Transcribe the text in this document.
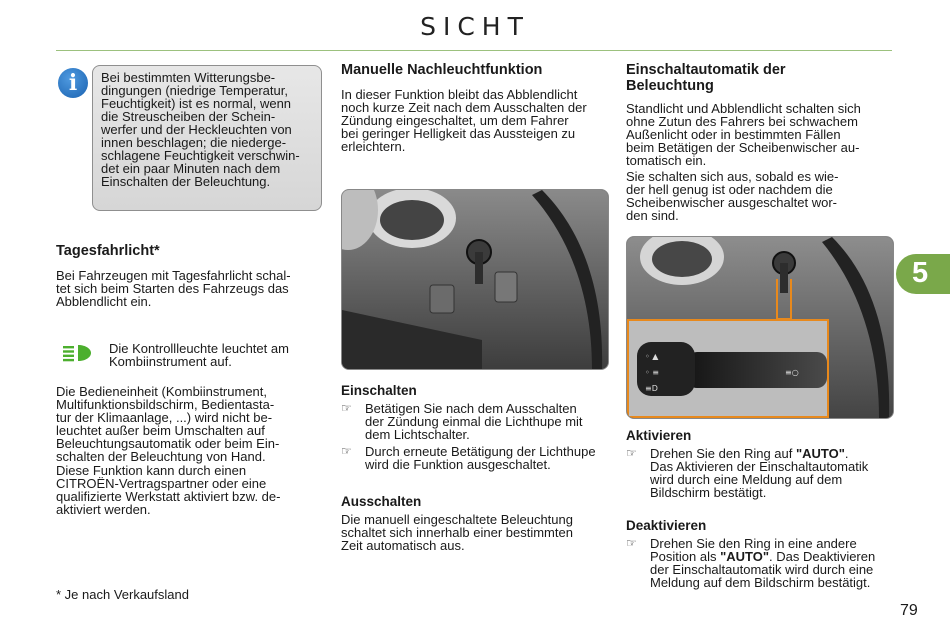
SICHT
i	Bei bestimmten Witterungsbe-
dingungen (niedrige Temperatur,
Feuchtigkeit) ist es normal, wenn
die Streuscheiben der Schein-
werfer und der Heckleuchten von
innen beschlagen; die niederge-
schlagene Feuchtigkeit verschwin-
det ein paar Minuten nach dem
Einschalten der Beleuchtung.
Tagesfahrlicht*
Bei Fahrzeugen mit Tagesfahrlicht schal-
tet sich beim Starten des Fahrzeugs das
Abblendlicht ein.
Die Kontrollleuchte leuchtet am
Kombiinstrument auf.
Die Bedieneinheit (Kombiinstrument,
Multifunktionsbildschirm, Bedientasta-
tur der Klimaanlage, ...) wird nicht be-
leuchtet außer beim Umschalten auf
Beleuchtungsautomatik oder beim Ein-
schalten der Beleuchtung von Hand.
Diese Funktion kann durch einen
CITROËN-Vertragspartner oder eine
qualifizierte Werkstatt aktiviert bzw. de-
aktiviert werden.
* Je nach Verkaufsland
Manuelle Nachleuchtfunktion
In dieser Funktion bleibt das Abblendlicht
noch kurze Zeit nach dem Ausschalten der
Zündung eingeschaltet, um dem Fahrer
bei geringer Helligkeit das Aussteigen zu
erleichtern.
Einschalten
☞ Betätigen Sie nach dem Ausschalten
der Zündung einmal die Lichthupe mit
dem Lichtschalter.
☞ Durch erneute Betätigung der Lichthupe
wird die Funktion ausgeschaltet.
Ausschalten
Die manuell eingeschaltete Beleuchtung
schaltet sich innerhalb einer bestimmten
Zeit automatisch aus.
Einschaltautomatik der
Beleuchtung
Standlicht und Abblendlicht schalten sich
ohne Zutun des Fahrers bei schwachem
Außenlicht oder in bestimmten Fällen
beim Betätigen der Scheibenwischer au-
tomatisch ein.
Sie schalten sich aus, sobald es wie-
der hell genug ist oder nachdem die
Scheibenwischer ausgeschaltet wor-
den sind.
◦ ▲
◦ ≡
≡D
≡○
Aktivieren
☞ Drehen Sie den Ring auf "AUTO".
Das Aktivieren der Einschaltautomatik
wird durch eine Meldung auf dem
Bildschirm bestätigt.
Deaktivieren
☞ Drehen Sie den Ring in eine andere
Position als "AUTO". Das Deaktivieren
der Einschaltautomatik wird durch eine
Meldung auf dem Bildschirm bestätigt.
5
79
